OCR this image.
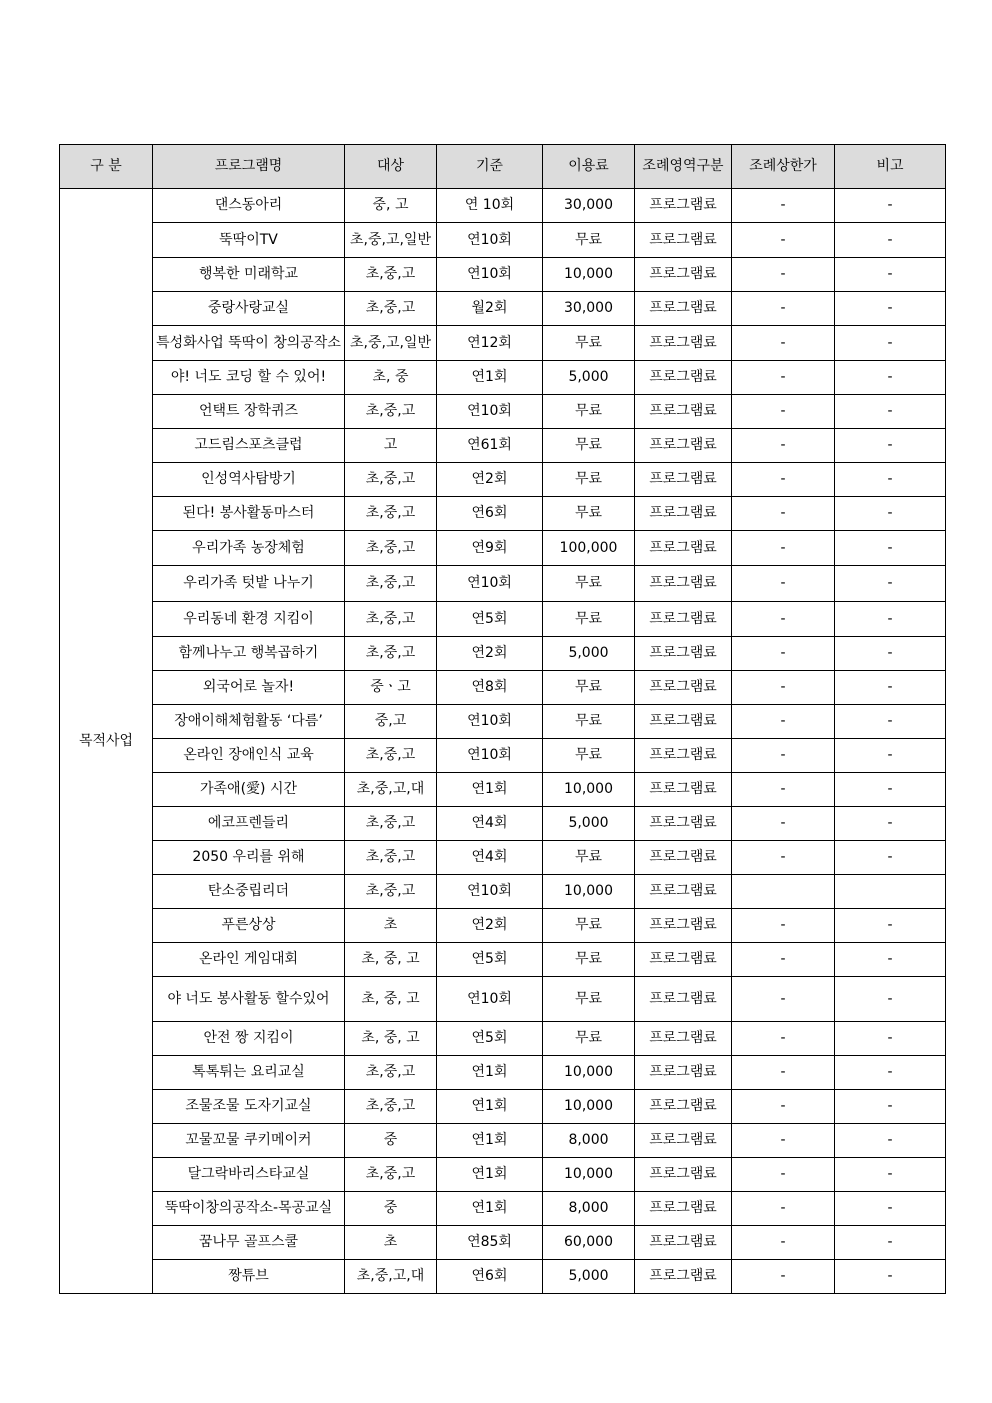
구 분	프로그램명	대상	기준	이용료	조례영역구분	조례상한가	비고
목적사업	댄스동아리	중, 고	연 10회	30,000	프로그램료	-	-
	뚝딱이TV	초,중,고,일반	연10회	무료	프로그램료	-	-
	행복한 미래학교	초,중,고	연10회	10,000	프로그램료	-	-
	중랑사랑교실	초,중,고	월2회	30,000	프로그램료	-	-
	특성화사업 뚝딱이 창의공작소	초,중,고,일반	연12회	무료	프로그램료	-	-
	야! 너도 코딩 할 수 있어!	초, 중	연1회	5,000	프로그램료	-	-
	언택트 장학퀴즈	초,중,고	연10회	무료	프로그램료	-	-
	고드림스포츠클럽	고	연61회	무료	프로그램료	-	-
	인성역사탐방기	초,중,고	연2회	무료	프로그램료	-	-
	된다! 봉사활동마스터	초,중,고	연6회	무료	프로그램료	-	-
	우리가족 농장체험	초,중,고	연9회	100,000	프로그램료	-	-
	우리가족 텃밭 나누기	초,중,고	연10회	무료	프로그램료	-	-
	우리동네 환경 지킴이	초,중,고	연5회	무료	프로그램료	-	-
	함께나누고 행복곱하기	초,중,고	연2회	5,000	프로그램료	-	-
	외국어로 놀자!	중ㆍ고	연8회	무료	프로그램료	-	-
	장애이해체험활동 ‘다름’	중,고	연10회	무료	프로그램료	-	-
	온라인 장애인식 교육	초,중,고	연10회	무료	프로그램료	-	-
	가족애(愛) 시간	초,중,고,대	연1회	10,000	프로그램료	-	-
	에코프렌들리	초,중,고	연4회	5,000	프로그램료	-	-
	2050 우리를 위해	초,중,고	연4회	무료	프로그램료	-	-
	탄소중립리더	초,중,고	연10회	10,000	프로그램료		
	푸른상상	초	연2회	무료	프로그램료	-	-
	온라인 게임대회	초, 중, 고	연5회	무료	프로그램료	-	-
	야 너도 봉사활동 할수있어	초, 중, 고	연10회	무료	프로그램료	-	-
	안전 짱 지킴이	초, 중, 고	연5회	무료	프로그램료	-	-
	톡톡튀는 요리교실	초,중,고	연1회	10,000	프로그램료	-	-
	조물조물 도자기교실	초,중,고	연1회	10,000	프로그램료	-	-
	꼬물꼬물 쿠키메이커	중	연1회	8,000	프로그램료	-	-
	달그락바리스타교실	초,중,고	연1회	10,000	프로그램료	-	-
	뚝딱이창의공작소-목공교실	중	연1회	8,000	프로그램료	-	-
	꿈나무 골프스쿨	초	연85회	60,000	프로그램료	-	-
	짱튜브	초,중,고,대	연6회	5,000	프로그램료	-	-
